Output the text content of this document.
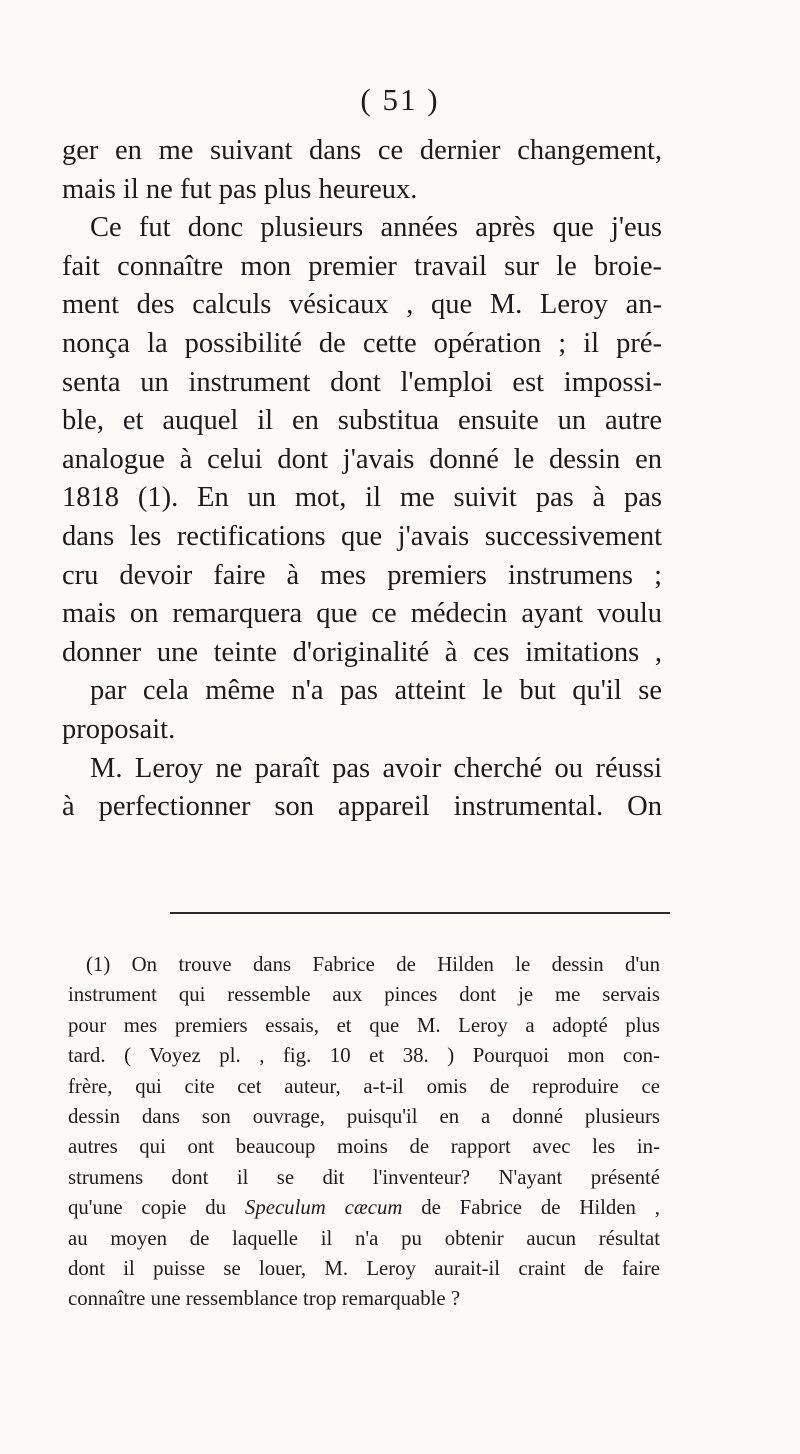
( 51 )
ger en me suivant dans ce dernier changement,
mais il ne fut pas plus heureux.
Ce fut donc plusieurs années après que j'eus
fait connaître mon premier travail sur le broie-
ment des calculs vésicaux , que M. Leroy an-
nonça la possibilité de cette opération ; il pré-
senta un instrument dont l'emploi est impossi-
ble, et auquel il en substitua ensuite un autre
analogue à celui dont j'avais donné le dessin en
1818 (1). En un mot, il me suivit pas à pas
dans les rectifications que j'avais successivement
cru devoir faire à mes premiers instrumens ;
mais on remarquera que ce médecin ayant voulu
donner une teinte d'originalité à ces imitations ,
par cela même n'a pas atteint le but qu'il se
proposait.
M. Leroy ne paraît pas avoir cherché ou réussi
à perfectionner son appareil instrumental. On
(1) On trouve dans Fabrice de Hilden le dessin d'un
instrument qui ressemble aux pinces dont je me servais
pour mes premiers essais, et que M. Leroy a adopté plus
tard. ( Voyez pl. , fig. 10 et 38. ) Pourquoi mon con-
frère, qui cite cet auteur, a-t-il omis de reproduire ce
dessin dans son ouvrage, puisqu'il en a donné plusieurs
autres qui ont beaucoup moins de rapport avec les in-
strumens dont il se dit l'inventeur? N'ayant présenté
qu'une copie du Speculum cæcum de Fabrice de Hilden ,
au moyen de laquelle il n'a pu obtenir aucun résultat
dont il puisse se louer, M. Leroy aurait-il craint de faire
connaître une ressemblance trop remarquable ?
